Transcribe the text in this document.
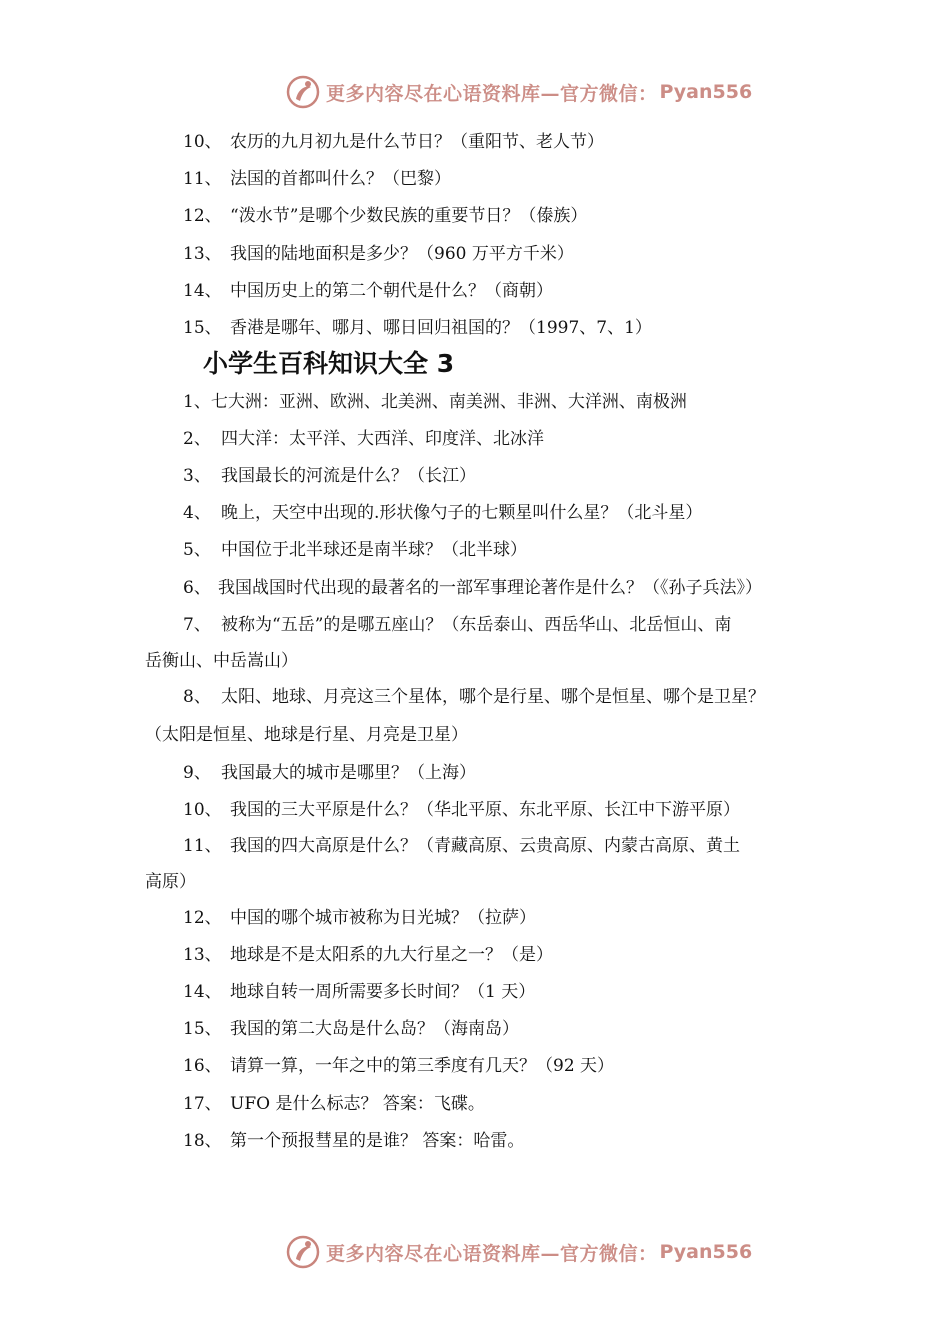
更多内容尽在心语资料库—官方微信： Pyan556
10、 农历的九月初九是什么节日？（重阳节、老人节）
11、 法国的首都叫什么？（巴黎）
12、 “泼水节”是哪个少数民族的重要节日？（傣族）
13、 我国的陆地面积是多少？（960 万平方千米）
14、 中国历史上的第二个朝代是什么？（商朝）
15、 香港是哪年、哪月、哪日回归祖国的？（1997、7、1）
小学生百科知识大全 3
1、七大洲：亚洲、欧洲、北美洲、南美洲、非洲、大洋洲、南极洲
2、 四大洋：太平洋、大西洋、印度洋、北冰洋
3、 我国最长的河流是什么？（长江）
4、 晚上，天空中出现的.形状像勺子的七颗星叫什么星？（北斗星）
5、 中国位于北半球还是南半球？（北半球）
6、 我国战国时代出现的最著名的一部军事理论著作是什么？（《孙子兵法》）
7、 被称为“五岳”的是哪五座山？（东岳泰山、西岳华山、北岳恒山、南
岳衡山、中岳嵩山）
8、 太阳、地球、月亮这三个星体，哪个是行星、哪个是恒星、哪个是卫星？
（太阳是恒星、地球是行星、月亮是卫星）
9、 我国最大的城市是哪里？（上海）
10、 我国的三大平原是什么？（华北平原、东北平原、长江中下游平原）
11、 我国的四大高原是什么？（青藏高原、云贵高原、内蒙古高原、黄土
高原）
12、 中国的哪个城市被称为日光城？（拉萨）
13、 地球是不是太阳系的九大行星之一？（是）
14、 地球自转一周所需要多长时间？（1 天）
15、 我国的第二大岛是什么岛？（海南岛）
16、 请算一算，一年之中的第三季度有几天？（92 天）
17、 UFO 是什么标志？ 答案：飞碟。
18、 第一个预报彗星的是谁？ 答案：哈雷。
更多内容尽在心语资料库—官方微信： Pyan556
